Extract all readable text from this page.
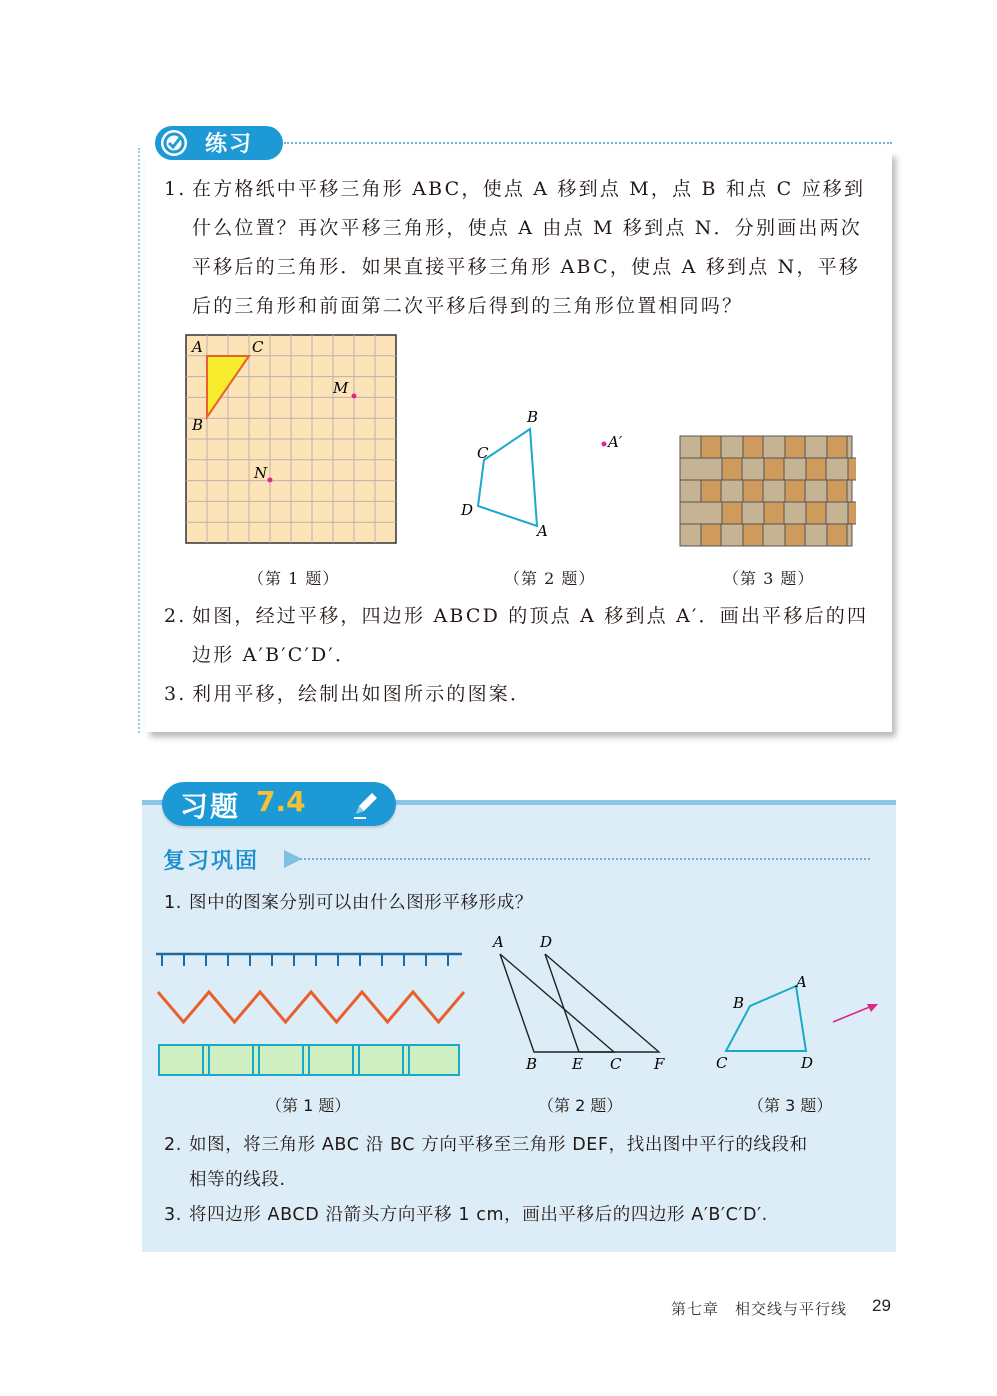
练习
1. 在方格纸中平移三角形 ABC，使点 A 移到点 M，点 B 和点 C 应移到
什么位置？再次平移三角形，使点 A 由点 M 移到点 N．分别画出两次
平移后的三角形．如果直接平移三角形 ABC，使点 A 移到点 N，平移
后的三角形和前面第二次平移后得到的三角形位置相同吗？
A	C
B
M
N
B
C
D
A
A′
（第 1 题）	（第 2 题）	（第 3 题）
2. 如图，经过平移，四边形 ABCD 的顶点 A 移到点 A′．画出平移后的四
边形 A′B′C′D′．
3. 利用平移，绘制出如图所示的图案．
习题 7.4
复习巩固
1. 图中的图案分别可以由什么图形平移形成？
A D
B E C F
A
B
C	D
（第 1 题）	（第 2 题）	（第 3 题）
2. 如图，将三角形 ABC 沿 BC 方向平移至三角形 DEF，找出图中平行的线段和
相等的线段.
3. 将四边形 ABCD 沿箭头方向平移 1 cm，画出平移后的四边形 A′B′C′D′.
第七章　相交线与平行线 29
